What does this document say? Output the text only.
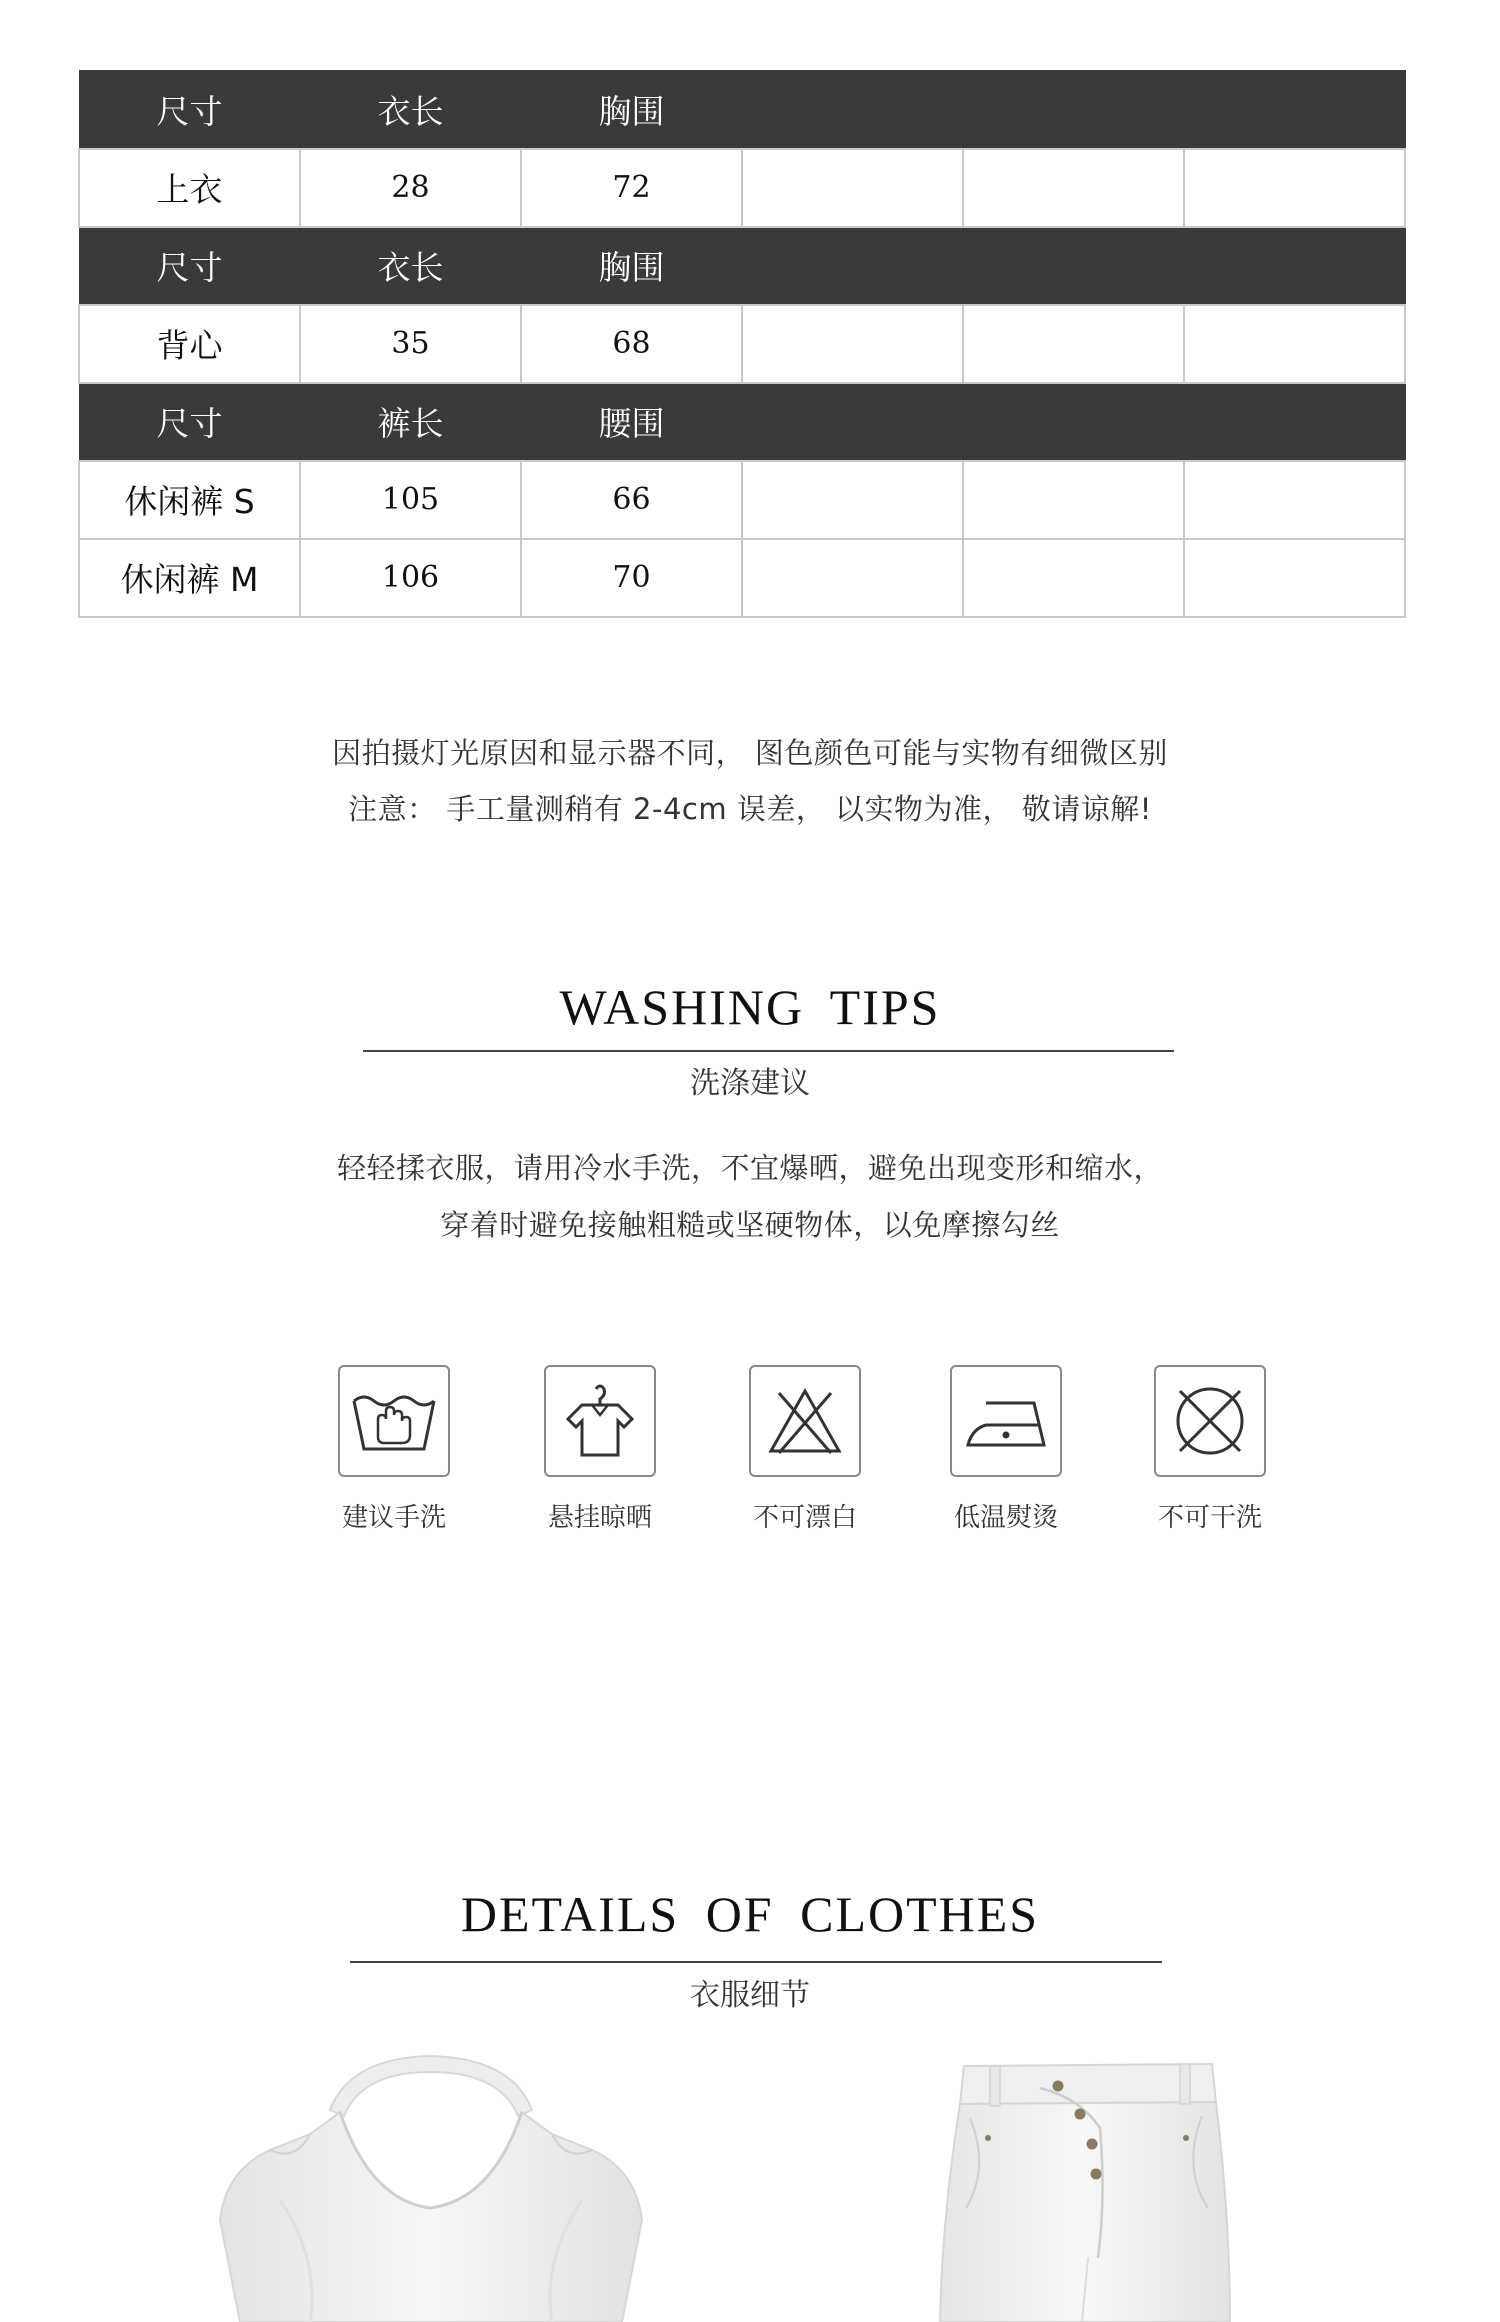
尺寸	衣长	胸围			
上衣	28	72			
尺寸	衣长	胸围			
背心	35	68			
尺寸	裤长	腰围			
休闲裤 S	105	66			
休闲裤 M	106	70			
因拍摄灯光原因和显示器不同， 图色颜色可能与实物有细微区别
注意： 手工量测稍有 2-4cm 误差， 以实物为准， 敬请谅解!
WASHING TIPS
洗涤建议
轻轻揉衣服，请用冷水手洗，不宜爆晒，避免出现变形和缩水，
穿着时避免接触粗糙或坚硬物体，以免摩擦勾丝
建议手洗	悬挂晾晒	不可漂白	低温熨烫	不可干洗
DETAILS OF CLOTHES
衣服细节
